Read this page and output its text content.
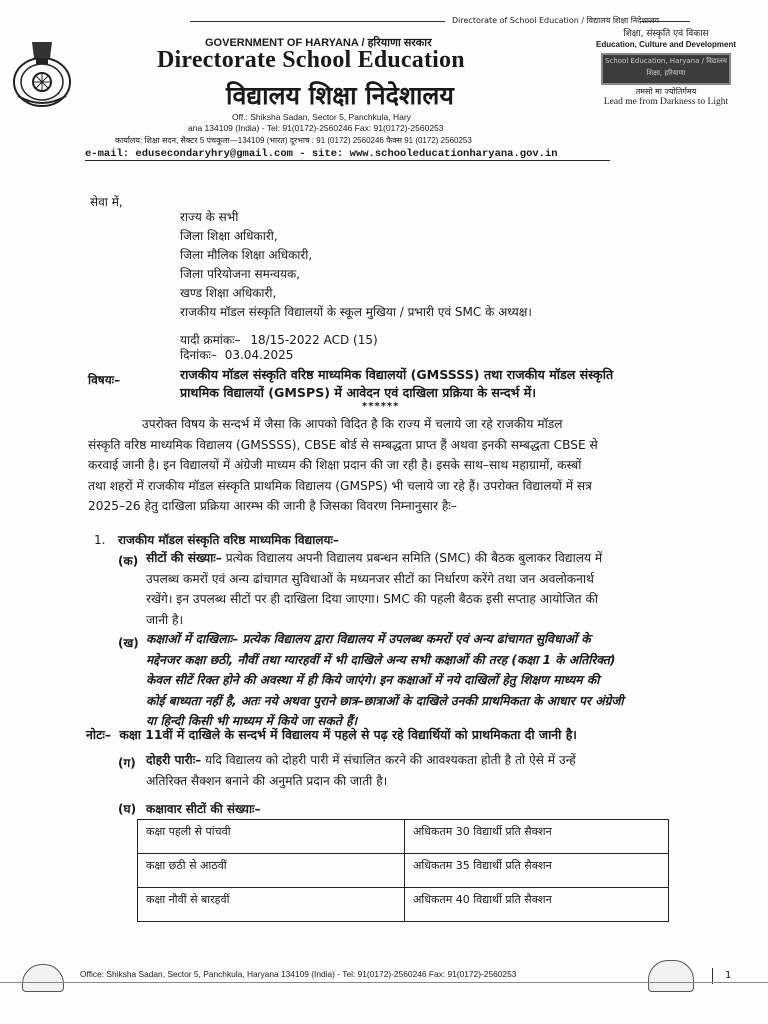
Directorate of School Education / विद्यालय शिक्षा निदेशालय
GOVERNMENT OF HARYANA / हरियाणा सरकार
Directorate School Education
विद्यालय शिक्षा निदेशालय
शिक्षा, संस्कृति एवं विकास
Education, Culture and Development
School Education, Haryana / विद्यालय शिक्षा, हरियाणा
तमसो मा ज्योतिर्गमय
Lead me from Darkness to Light
Off.: Shiksha Sadan, Sector 5, Panchkula, Hary
ana 134109 (India) - Tel: 91(0172)-2560246 Fax: 91(0172)-2560253
कार्यालय: शिक्षा सदन, सैक्टर 5 पंचकूला—134109 (भारत) दूरभाष : 91 (0172) 2560246 फैक्स 91 (0172) 2560253
e-mail: edusecondaryhry@gmail.com - site: www.schooleducationharyana.gov.in
सेवा में,
राज्य के सभी
जिला शिक्षा अधिकारी,
जिला मौलिक शिक्षा अधिकारी,
जिला परियोजना समन्वयक,
खण्ड शिक्षा अधिकारी,
राजकीय मॉडल संस्कृति विद्यालयों के स्कूल मुखिया / प्रभारी एवं SMC के अध्यक्ष।
यादी क्रमांकः– 18/15-2022 ACD (15)
दिनांकः– 03.04.2025
विषयः–	राजकीय मॉडल संस्कृति वरिष्ठ माध्यमिक विद्यालयों (GMSSSS) तथा राजकीय मॉडल संस्कृति
प्राथमिक विद्यालयों (GMSPS) में आवेदन एवं दाखिला प्रक्रिया के सन्दर्भ में।
******
उपरोक्त विषय के सन्दर्भ में जैसा कि आपको विदित है कि राज्य में चलाये जा रहे राजकीय मॉडल
संस्कृति वरिष्ठ माध्यमिक विद्यालय (GMSSSS), CBSE बोर्ड से सम्बद्धता प्राप्त हैं अथवा इनकी सम्बद्धता CBSE से
करवाई जानी है। इन विद्यालयों में अंग्रेजी माध्यम की शिक्षा प्रदान की जा रही है। इसके साथ–साथ महाग्रामों, कस्बों
तथा शहरों में राजकीय मॉडल संस्कृति प्राथमिक विद्यालय (GMSPS) भी चलाये जा रहे हैं। उपरोक्त विद्यालयों में सत्र
2025–26 हेतु दाखिला प्रक्रिया आरम्भ की जानी है जिसका विवरण निम्नानुसार हैः–
1. राजकीय मॉडल संस्कृति वरिष्ठ माध्यमिक विद्यालयः–
(क) सीटों की संख्याः– प्रत्येक विद्यालय अपनी विद्यालय प्रबन्धन समिति (SMC) की बैठक बुलाकर विद्यालय में
उपलब्ध कमरों एवं अन्य ढांचागत सुविधाओं के मध्यनजर सीटों का निर्धारण करेंगे तथा जन अवलोकनार्थ
रखेंगे। इन उपलब्ध सीटों पर ही दाखिला दिया जाएगा। SMC की पहली बैठक इसी सप्ताह आयोजित की
जानी है।
(ख) कक्षाओं में दाखिलाः– प्रत्येक विद्यालय द्वारा विद्यालय में उपलब्ध कमरों एवं अन्य ढांचागत सुविधाओं के
मद्देनजर कक्षा छठी, नौवीं तथा ग्यारहवीं में भी दाखिले अन्य सभी कक्षाओं की तरह (कक्षा 1 के अतिरिक्त)
केवल सीटें रिक्त होने की अवस्था में ही किये जाएंगे। इन कक्षाओं में नये दाखिलों हेतु शिक्षण माध्यम की
कोई बाध्यता नहीं है, अतः नये अथवा पुराने छात्र–छात्राओं के दाखिले उनकी प्राथमिकता के आधार पर अंग्रेजी
या हिन्दी किसी भी माध्यम में किये जा सकते हैं।
नोटः– कक्षा 11वीं में दाखिले के सन्दर्भ में विद्यालय में पहले से पढ़ रहे विद्यार्थियों को प्राथमिकता दी जानी है।
(ग) दोहरी पारीः– यदि विद्यालय को दोहरी पारी में संचालित करने की आवश्यकता होती है तो ऐसे में उन्हें
अतिरिक्त सैक्शन बनाने की अनुमति प्रदान की जाती है।
(घ) कक्षावार सीटों की संख्याः–
कक्षा पहली से पांचवी	अधिकतम 30 विद्यार्थी प्रति सैक्शन
कक्षा छठी से आठवीं	अधिकतम 35 विद्यार्थी प्रति सैक्शन
कक्षा नौवीं से बारहवीं	अधिकतम 40 विद्यार्थी प्रति सैक्शन
Office: Shiksha Sadan, Sector 5, Panchkula, Haryana 134109 (India) - Tel: 91(0172)-2560246 Fax: 91(0172)-2560253	1
